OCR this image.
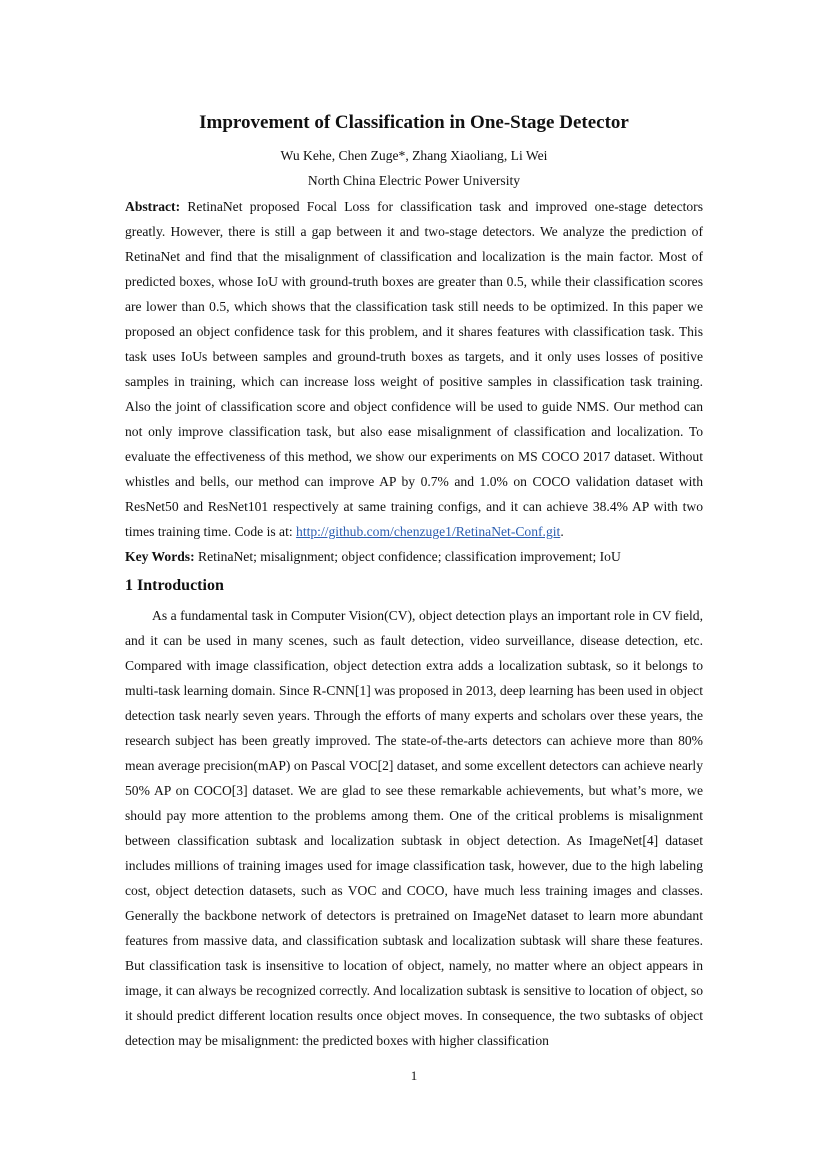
Improvement of Classification in One-Stage Detector
Wu Kehe, Chen Zuge*, Zhang Xiaoliang, Li Wei
North China Electric Power University

Abstract: RetinaNet proposed Focal Loss for classification task and improved one-stage detectors greatly. However, there is still a gap between it and two-stage detectors. We analyze the prediction of RetinaNet and find that the misalignment of classification and localization is the main factor. Most of predicted boxes, whose IoU with ground-truth boxes are greater than 0.5, while their classification scores are lower than 0.5, which shows that the classification task still needs to be optimized. In this paper we proposed an object confidence task for this problem, and it shares features with classification task. This task uses IoUs between samples and ground-truth boxes as targets, and it only uses losses of positive samples in training, which can increase loss weight of positive samples in classification task training. Also the joint of classification score and object confidence will be used to guide NMS. Our method can not only improve classification task, but also ease misalignment of classification and localization. To evaluate the effectiveness of this method, we show our experiments on MS COCO 2017 dataset. Without whistles and bells, our method can improve AP by 0.7% and 1.0% on COCO validation dataset with ResNet50 and ResNet101 respectively at same training configs, and it can achieve 38.4% AP with two times training time. Code is at: http://github.com/chenzuge1/RetinaNet-Conf.git.

Key Words: RetinaNet; misalignment; object confidence; classification improvement; IoU

1 Introduction

As a fundamental task in Computer Vision(CV), object detection plays an important role in CV field, and it can be used in many scenes, such as fault detection, video surveillance, disease detection, etc. Compared with image classification, object detection extra adds a localization subtask, so it belongs to multi-task learning domain. Since R-CNN[1] was proposed in 2013, deep learning has been used in object detection task nearly seven years. Through the efforts of many experts and scholars over these years, the research subject has been greatly improved. The state-of-the-arts detectors can achieve more than 80% mean average precision(mAP) on Pascal VOC[2] dataset, and some excellent detectors can achieve nearly 50% AP on COCO[3] dataset. We are glad to see these remarkable achievements, but what’s more, we should pay more attention to the problems among them. One of the critical problems is misalignment between classification subtask and localization subtask in object detection. As ImageNet[4] dataset includes millions of training images used for image classification task, however, due to the high labeling cost, object detection datasets, such as VOC and COCO, have much less training images and classes. Generally the backbone network of detectors is pretrained on ImageNet dataset to learn more abundant features from massive data, and classification subtask and localization subtask will share these features. But classification task is insensitive to location of object, namely, no matter where an object appears in image, it can always be recognized correctly. And localization subtask is sensitive to location of object, so it should predict different location results once object moves. In consequence, the two subtasks of object detection may be misalignment: the predicted boxes with higher classification

1
